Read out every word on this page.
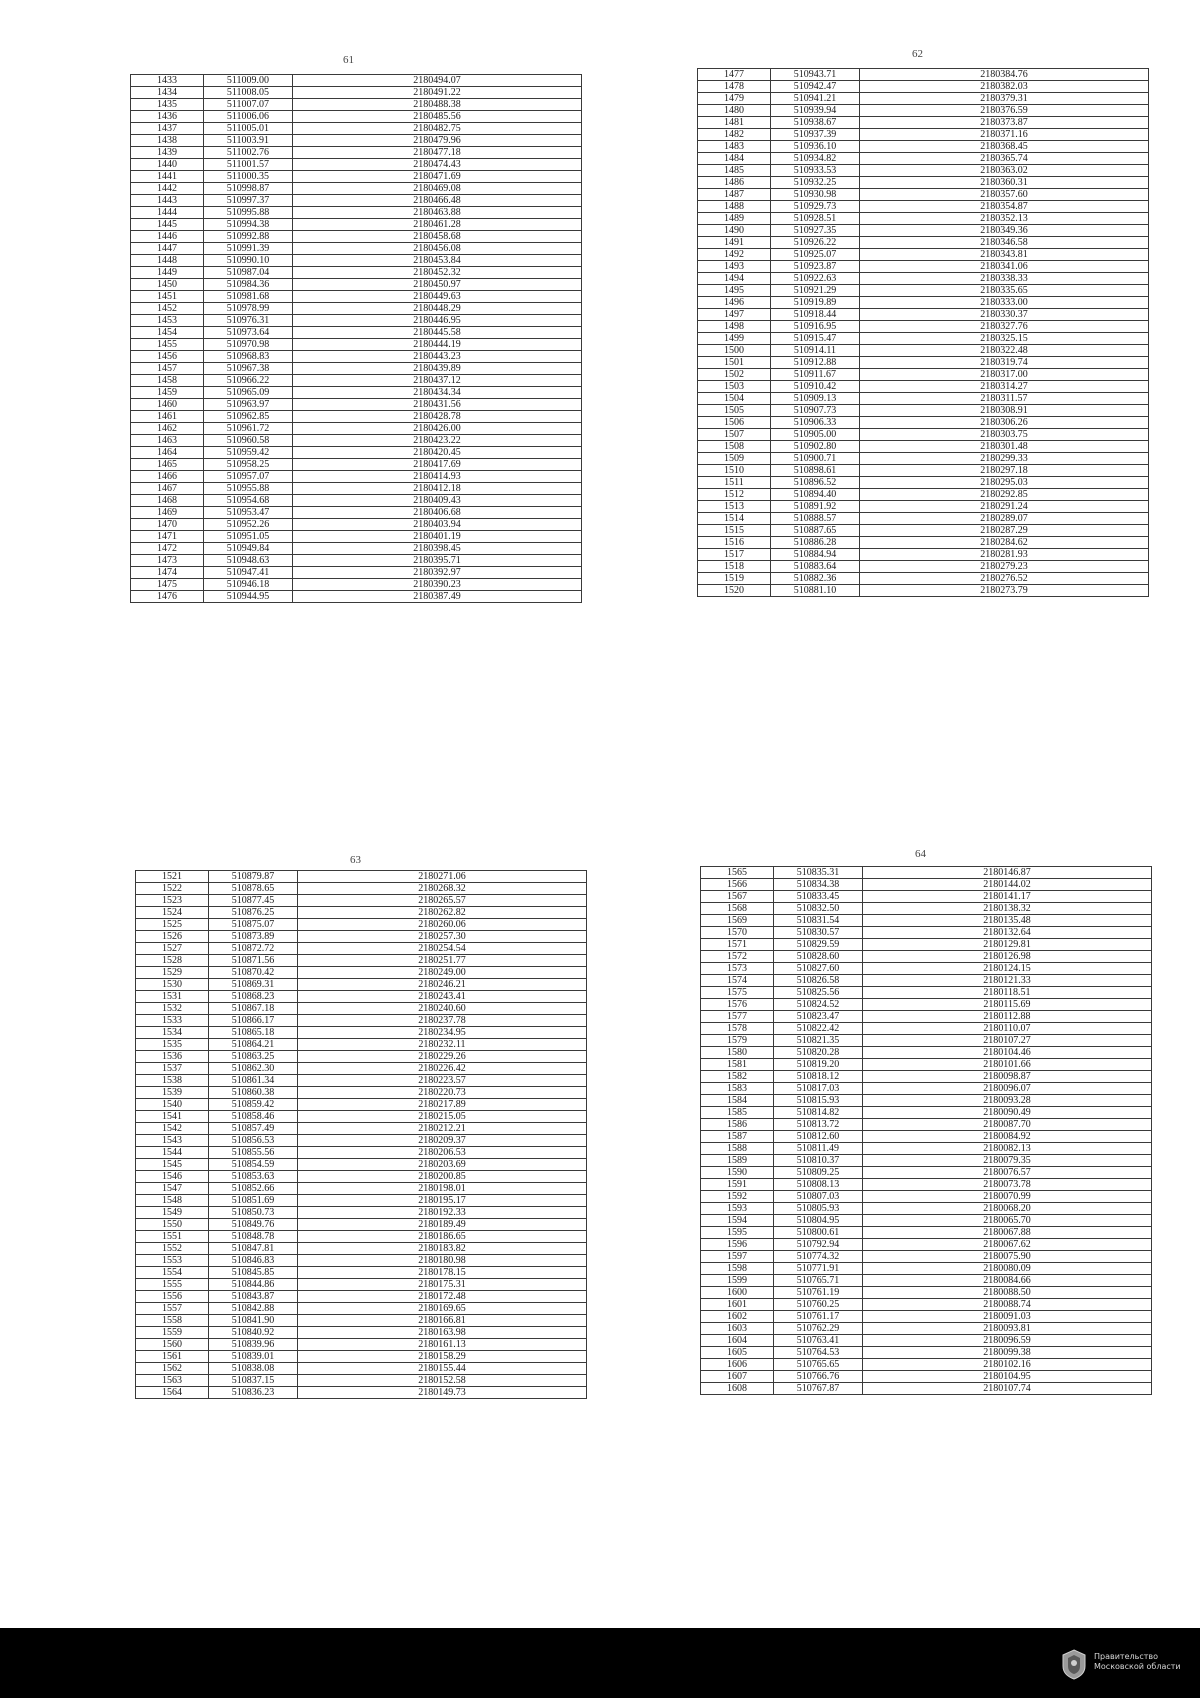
61
1433	511009.00	2180494.07
1434	511008.05	2180491.22
1435	511007.07	2180488.38
1436	511006.06	2180485.56
1437	511005.01	2180482.75
1438	511003.91	2180479.96
1439	511002.76	2180477.18
1440	511001.57	2180474.43
1441	511000.35	2180471.69
1442	510998.87	2180469.08
1443	510997.37	2180466.48
1444	510995.88	2180463.88
1445	510994.38	2180461.28
1446	510992.88	2180458.68
1447	510991.39	2180456.08
1448	510990.10	2180453.84
1449	510987.04	2180452.32
1450	510984.36	2180450.97
1451	510981.68	2180449.63
1452	510978.99	2180448.29
1453	510976.31	2180446.95
1454	510973.64	2180445.58
1455	510970.98	2180444.19
1456	510968.83	2180443.23
1457	510967.38	2180439.89
1458	510966.22	2180437.12
1459	510965.09	2180434.34
1460	510963.97	2180431.56
1461	510962.85	2180428.78
1462	510961.72	2180426.00
1463	510960.58	2180423.22
1464	510959.42	2180420.45
1465	510958.25	2180417.69
1466	510957.07	2180414.93
1467	510955.88	2180412.18
1468	510954.68	2180409.43
1469	510953.47	2180406.68
1470	510952.26	2180403.94
1471	510951.05	2180401.19
1472	510949.84	2180398.45
1473	510948.63	2180395.71
1474	510947.41	2180392.97
1475	510946.18	2180390.23
1476	510944.95	2180387.49
62
1477	510943.71	2180384.76
1478	510942.47	2180382.03
1479	510941.21	2180379.31
1480	510939.94	2180376.59
1481	510938.67	2180373.87
1482	510937.39	2180371.16
1483	510936.10	2180368.45
1484	510934.82	2180365.74
1485	510933.53	2180363.02
1486	510932.25	2180360.31
1487	510930.98	2180357.60
1488	510929.73	2180354.87
1489	510928.51	2180352.13
1490	510927.35	2180349.36
1491	510926.22	2180346.58
1492	510925.07	2180343.81
1493	510923.87	2180341.06
1494	510922.63	2180338.33
1495	510921.29	2180335.65
1496	510919.89	2180333.00
1497	510918.44	2180330.37
1498	510916.95	2180327.76
1499	510915.47	2180325.15
1500	510914.11	2180322.48
1501	510912.88	2180319.74
1502	510911.67	2180317.00
1503	510910.42	2180314.27
1504	510909.13	2180311.57
1505	510907.73	2180308.91
1506	510906.33	2180306.26
1507	510905.00	2180303.75
1508	510902.80	2180301.48
1509	510900.71	2180299.33
1510	510898.61	2180297.18
1511	510896.52	2180295.03
1512	510894.40	2180292.85
1513	510891.92	2180291.24
1514	510888.57	2180289.07
1515	510887.65	2180287.29
1516	510886.28	2180284.62
1517	510884.94	2180281.93
1518	510883.64	2180279.23
1519	510882.36	2180276.52
1520	510881.10	2180273.79
63
1521	510879.87	2180271.06
1522	510878.65	2180268.32
1523	510877.45	2180265.57
1524	510876.25	2180262.82
1525	510875.07	2180260.06
1526	510873.89	2180257.30
1527	510872.72	2180254.54
1528	510871.56	2180251.77
1529	510870.42	2180249.00
1530	510869.31	2180246.21
1531	510868.23	2180243.41
1532	510867.18	2180240.60
1533	510866.17	2180237.78
1534	510865.18	2180234.95
1535	510864.21	2180232.11
1536	510863.25	2180229.26
1537	510862.30	2180226.42
1538	510861.34	2180223.57
1539	510860.38	2180220.73
1540	510859.42	2180217.89
1541	510858.46	2180215.05
1542	510857.49	2180212.21
1543	510856.53	2180209.37
1544	510855.56	2180206.53
1545	510854.59	2180203.69
1546	510853.63	2180200.85
1547	510852.66	2180198.01
1548	510851.69	2180195.17
1549	510850.73	2180192.33
1550	510849.76	2180189.49
1551	510848.78	2180186.65
1552	510847.81	2180183.82
1553	510846.83	2180180.98
1554	510845.85	2180178.15
1555	510844.86	2180175.31
1556	510843.87	2180172.48
1557	510842.88	2180169.65
1558	510841.90	2180166.81
1559	510840.92	2180163.98
1560	510839.96	2180161.13
1561	510839.01	2180158.29
1562	510838.08	2180155.44
1563	510837.15	2180152.58
1564	510836.23	2180149.73
64
1565	510835.31	2180146.87
1566	510834.38	2180144.02
1567	510833.45	2180141.17
1568	510832.50	2180138.32
1569	510831.54	2180135.48
1570	510830.57	2180132.64
1571	510829.59	2180129.81
1572	510828.60	2180126.98
1573	510827.60	2180124.15
1574	510826.58	2180121.33
1575	510825.56	2180118.51
1576	510824.52	2180115.69
1577	510823.47	2180112.88
1578	510822.42	2180110.07
1579	510821.35	2180107.27
1580	510820.28	2180104.46
1581	510819.20	2180101.66
1582	510818.12	2180098.87
1583	510817.03	2180096.07
1584	510815.93	2180093.28
1585	510814.82	2180090.49
1586	510813.72	2180087.70
1587	510812.60	2180084.92
1588	510811.49	2180082.13
1589	510810.37	2180079.35
1590	510809.25	2180076.57
1591	510808.13	2180073.78
1592	510807.03	2180070.99
1593	510805.93	2180068.20
1594	510804.95	2180065.70
1595	510800.61	2180067.88
1596	510792.94	2180067.62
1597	510774.32	2180075.90
1598	510771.91	2180080.09
1599	510765.71	2180084.66
1600	510761.19	2180088.50
1601	510760.25	2180088.74
1602	510761.17	2180091.03
1603	510762.29	2180093.81
1604	510763.41	2180096.59
1605	510764.53	2180099.38
1606	510765.65	2180102.16
1607	510766.76	2180104.95
1608	510767.87	2180107.74
Правительство
Московской области
